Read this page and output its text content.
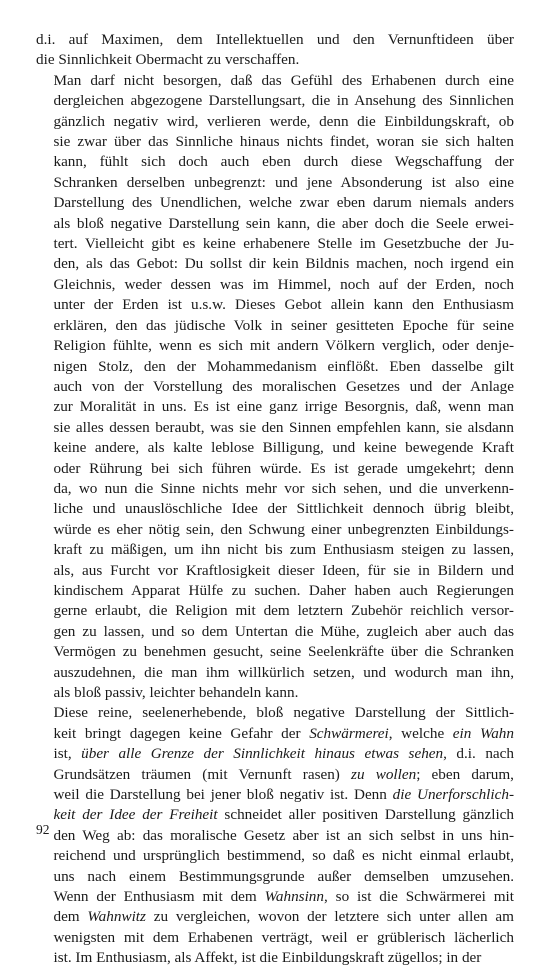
d.i. auf Maximen, dem Intellektuellen und den Vernunftideen über
die Sinnlichkeit Obermacht zu verschaffen.

Man darf nicht besorgen, daß das Gefühl des Erhabenen durch eine
dergleichen abgezogene Darstellungsart, die in Ansehung des Sinnlichen
gänzlich negativ wird, verlieren werde, denn die Einbildungskraft, ob
sie zwar über das Sinnliche hinaus nichts findet, woran sie sich halten
kann, fühlt sich doch auch eben durch diese Wegschaffung der
Schranken derselben unbegrenzt: und jene Absonderung ist also eine
Darstellung des Unendlichen, welche zwar eben darum niemals anders
als bloß negative Darstellung sein kann, die aber doch die Seele erwei-
tert. Vielleicht gibt es keine erhabenere Stelle im Gesetzbuche der Ju-
den, als das Gebot: Du sollst dir kein Bildnis machen, noch irgend ein
Gleichnis, weder dessen was im Himmel, noch auf der Erden, noch
unter der Erden ist u.s.w. Dieses Gebot allein kann den Enthusiasm
erklären, den das jüdische Volk in seiner gesitteten Epoche für seine
Religion fühlte, wenn es sich mit andern Völkern verglich, oder denje-
nigen Stolz, den der Mohammedanism einflößt. Eben dasselbe gilt
auch von der Vorstellung des moralischen Gesetzes und der Anlage
zur Moralität in uns. Es ist eine ganz irrige Besorgnis, daß, wenn man
sie alles dessen beraubt, was sie den Sinnen empfehlen kann, sie alsdann
keine andere, als kalte leblose Billigung, und keine bewegende Kraft
oder Rührung bei sich führen würde. Es ist gerade umgekehrt; denn
da, wo nun die Sinne nichts mehr vor sich sehen, und die unverkenn-
liche und unauslöschliche Idee der Sittlichkeit dennoch übrig bleibt,
würde es eher nötig sein, den Schwung einer unbegrenzten Einbildungs-
kraft zu mäßigen, um ihn nicht bis zum Enthusiasm steigen zu lassen,
als, aus Furcht vor Kraftlosigkeit dieser Ideen, für sie in Bildern und
kindischem Apparat Hülfe zu suchen. Daher haben auch Regierungen
gerne erlaubt, die Religion mit dem letztern Zubehör reichlich versor-
gen zu lassen, und so dem Untertan die Mühe, zugleich aber auch das
Vermögen zu benehmen gesucht, seine Seelenkräfte über die Schranken
auszudehnen, die man ihm willkürlich setzen, und wodurch man ihn,
als bloß passiv, leichter behandeln kann.

Diese reine, seelenerhebende, bloß negative Darstellung der Sittlich-
keit bringt dagegen keine Gefahr der Schwärmerei, welche ein Wahn
ist, über alle Grenze der Sinnlichkeit hinaus etwas sehen, d.i. nach
Grundsätzen träumen (mit Vernunft rasen) zu wollen; eben darum,
weil die Darstellung bei jener bloß negativ ist. Denn die Unerforschlich-
keit der Idee der Freiheit schneidet aller positiven Darstellung gänzlich
den Weg ab: das moralische Gesetz aber ist an sich selbst in uns hin-
reichend und ursprünglich bestimmend, so daß es nicht einmal erlaubt,
uns nach einem Bestimmungsgrunde außer demselben umzusehen.
Wenn der Enthusiasm mit dem Wahnsinn, so ist die Schwärmerei mit
dem Wahnwitz zu vergleichen, wovon der letztere sich unter allen am
wenigsten mit dem Erhabenen verträgt, weil er grüblerisch lächerlich
ist. Im Enthusiasm, als Affekt, ist die Einbildungskraft zügellos; in der

92
